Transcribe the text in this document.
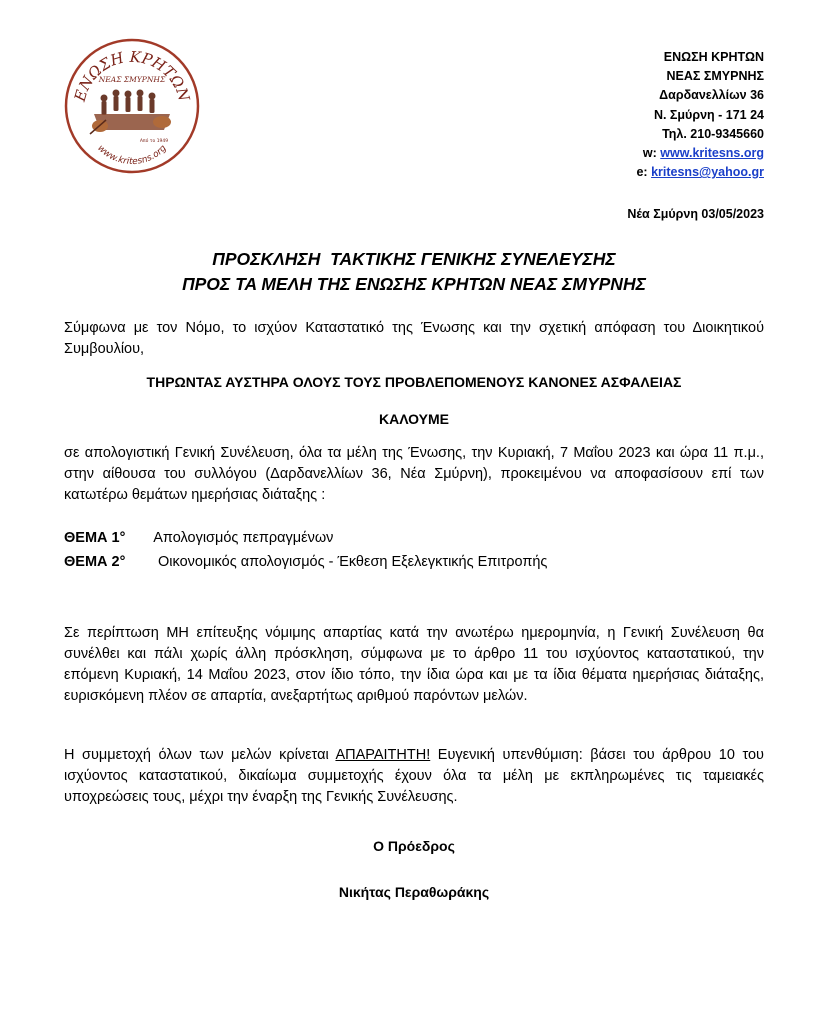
ΕΝΩΣΗ ΚΡΗΤΩΝ
ΝΕΑΣ ΣΜΥΡΝΗΣ
Από το 1949
www.kritesns.org
ΕΝΩΣΗ ΚΡΗΤΩΝ
ΝΕΑΣ ΣΜΥΡΝΗΣ
Δαρδανελλίων 36
Ν. Σμύρνη - 171 24
Τηλ. 210-9345660
w: www.kritesns.org
e: kritesns@yahoo.gr
Νέα Σμύρνη 03/05/2023
ΠΡΟΣΚΛΗΣΗ  ΤΑΚΤΙΚΗΣ ΓΕΝΙΚΗΣ ΣΥΝΕΛΕΥΣΗΣ
ΠΡΟΣ ΤΑ ΜΕΛΗ ΤΗΣ ΕΝΩΣΗΣ ΚΡΗΤΩΝ ΝΕΑΣ ΣΜΥΡΝΗΣ
Σύμφωνα με τον Νόμο, το ισχύον Καταστατικό της Ένωσης και την σχετική απόφαση του Διοικητικού Συμβουλίου,
ΤΗΡΩΝΤΑΣ ΑΥΣΤΗΡΑ ΟΛΟΥΣ ΤΟΥΣ ΠΡΟΒΛΕΠΟΜΕΝΟΥΣ ΚΑΝΟΝΕΣ ΑΣΦΑΛΕΙΑΣ
ΚΑΛΟΥΜΕ
σε απολογιστική Γενική Συνέλευση, όλα τα μέλη της Ένωσης, την Κυριακή, 7 Μαΐου 2023 και ώρα 11 π.μ., στην αίθουσα του συλλόγου (Δαρδανελλίων 36, Νέα Σμύρνη), προκειμένου να αποφασίσουν επί των κατωτέρω θεμάτων ημερήσιας διάταξης :
ΘΕΜΑ 1° Απολογισμός πεπραγμένων
ΘΕΜΑ 2° Οικονομικός απολογισμός - Έκθεση Εξελεγκτικής Επιτροπής
Σε περίπτωση ΜΗ επίτευξης νόμιμης απαρτίας κατά την ανωτέρω ημερομηνία, η Γενική Συνέλευση θα συνέλθει και πάλι χωρίς άλλη πρόσκληση, σύμφωνα με το άρθρο 11 του ισχύοντος καταστατικού, την επόμενη Κυριακή, 14 Μαΐου 2023, στον ίδιο τόπο, την ίδια ώρα και με τα ίδια θέματα ημερήσιας διάταξης, ευρισκόμενη πλέον σε απαρτία, ανεξαρτήτως αριθμού παρόντων μελών.
Η συμμετοχή όλων των μελών κρίνεται ΑΠΑΡΑΙΤΗΤΗ! Ευγενική υπενθύμιση: βάσει του άρθρου 10 του ισχύοντος καταστατικού, δικαίωμα συμμετοχής έχουν όλα τα μέλη με εκπληρωμένες τις ταμειακές υποχρεώσεις τους, μέχρι την έναρξη της Γενικής Συνέλευσης.
Ο Πρόεδρος
Νικήτας Περαθωράκης
